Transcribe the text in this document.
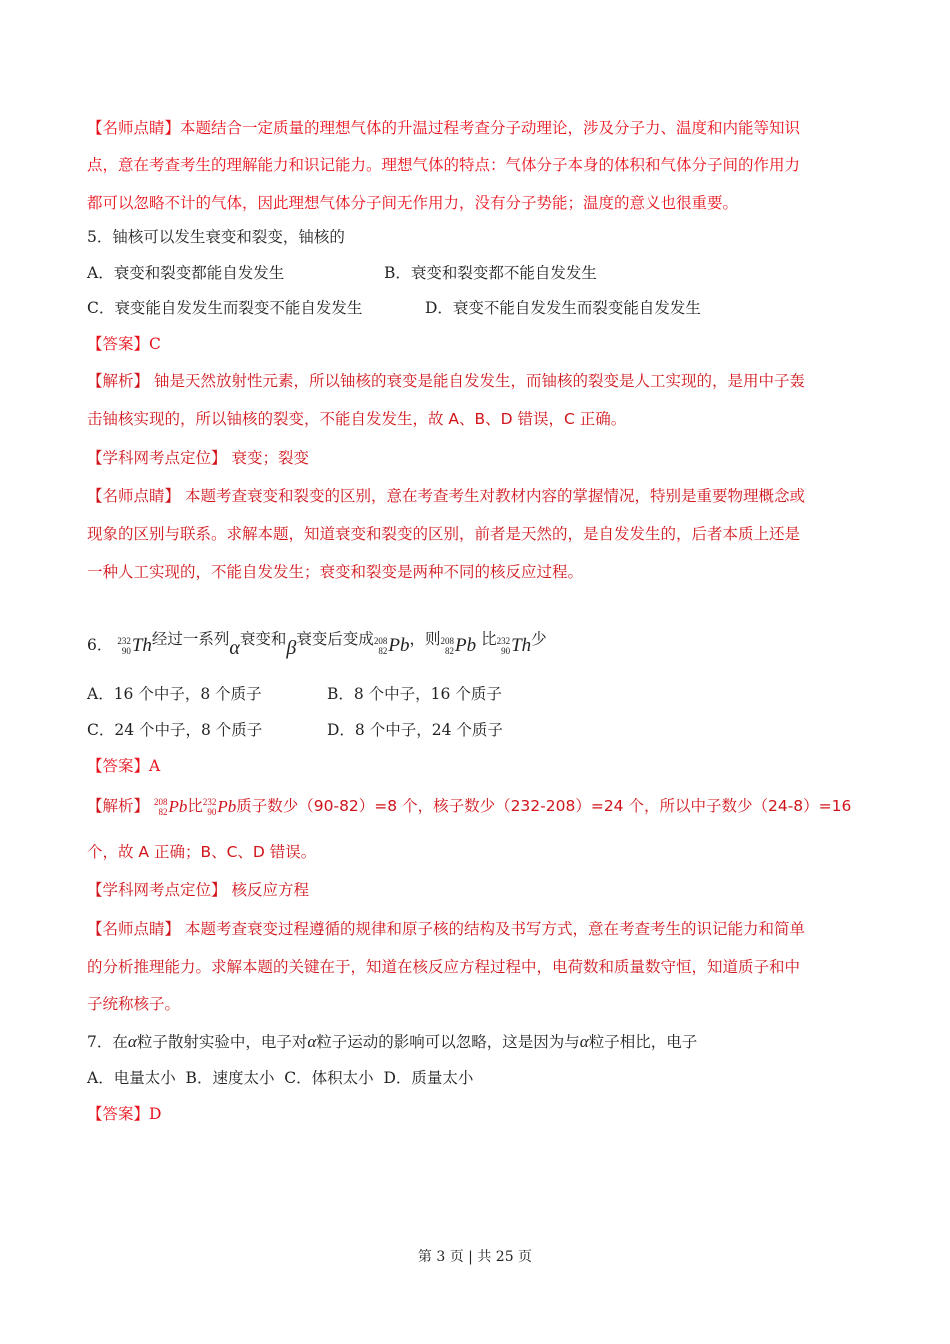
【名师点睛】本题结合一定质量的理想气体的升温过程考查分子动理论，涉及分子力、温度和内能等知识
点，意在考查考生的理解能力和识记能力。理想气体的特点：气体分子本身的体积和气体分子间的作用力
都可以忽略不计的气体，因此理想气体分子间无作用力，没有分子势能；温度的意义也很重要。
5．铀核可以发生衰变和裂变，铀核的
A．衰变和裂变都能自发发生	B．衰变和裂变都不能自发发生
C．衰变能自发发生而裂变不能自发发生	D．衰变不能自发发生而裂变能自发发生
【答案】C
【解析】 铀是天然放射性元素，所以铀核的衰变是能自发发生，而铀核的裂变是人工实现的，是用中子轰
击铀核实现的，所以铀核的裂变，不能自发发生，故 A、B、D 错误，C 正确。
【学科网考点定位】 衰变；裂变
【名师点睛】 本题考查衰变和裂变的区别，意在考查考生对教材内容的掌握情况，特别是重要物理概念或
现象的区别与联系。求解本题，知道衰变和裂变的区别，前者是天然的，是自发发生的，后者本质上还是
一种人工实现的，不能自发发生；衰变和裂变是两种不同的核反应过程。
6． 232
90 Th 经过一系列α衰变和β衰变后变成 208
82 Pb ，则 208
82 Pb 比 232
90 Th 少
A．16 个中子，8 个质子	B．8 个中子，16 个质子
C．24 个中子，8 个质子	D．8 个中子，24 个质子
【答案】A
【解析】 208
82 Pb 比 232
90 Pb 质子数少（90-82）=8 个，核子数少（232-208）=24 个，所以中子数少（24-8）=16
个，故 A 正确；B、C、D 错误。
【学科网考点定位】 核反应方程
【名师点睛】 本题考查衰变过程遵循的规律和原子核的结构及书写方式，意在考查考生的识记能力和简单
的分析推理能力。求解本题的关键在于，知道在核反应方程过程中，电荷数和质量数守恒，知道质子和中
子统称核子。
7．在α粒子散射实验中，电子对α粒子运动的影响可以忽略，这是因为与α粒子相比，电子
A．电量太小  B．速度太小  C．体积太小  D．质量太小
【答案】D
第 3 页 | 共 25 页
